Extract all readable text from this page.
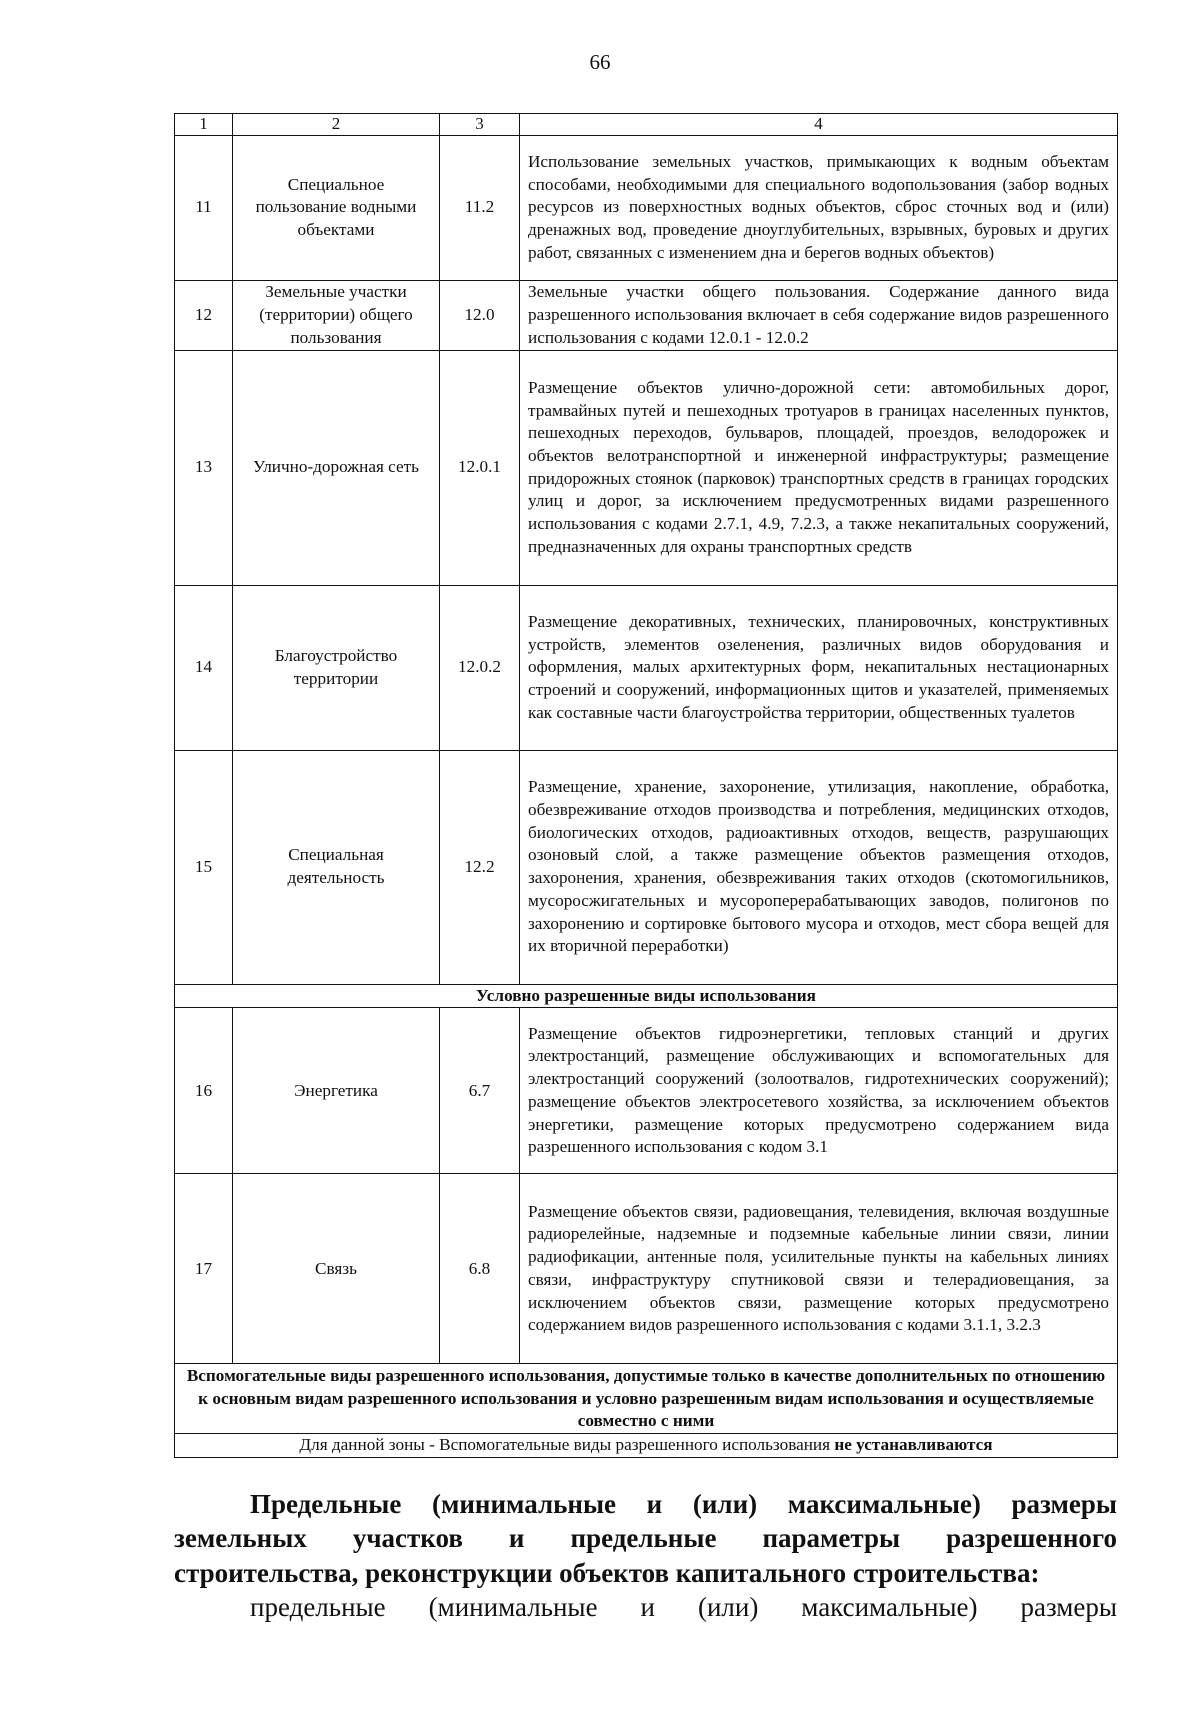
66
1	2	3	4
11	Специальное пользование водными объектами	11.2	Использование земельных участков, примыкающих к водным объектам способами, необходимыми для специального водопользования (забор водных ресурсов из поверхностных водных объектов, сброс сточных вод и (или) дренажных вод, проведение дноуглубительных, взрывных, буровых и других работ, связанных с изменением дна и берегов водных объектов)
12	Земельные участки (территории) общего пользования	12.0	Земельные участки общего пользования. Содержание данного вида разрешенного использования включает в себя содержание видов разрешенного использования с кодами 12.0.1 - 12.0.2
13	Улично-дорожная сеть	12.0.1	Размещение объектов улично-дорожной сети: автомобильных дорог, трамвайных путей и пешеходных тротуаров в границах населенных пунктов, пешеходных переходов, бульваров, площадей, проездов, велодорожек и объектов велотранспортной и инженерной инфраструктуры; размещение придорожных стоянок (парковок) транспортных средств в границах городских улиц и дорог, за исключением предусмотренных видами разрешенного использования с кодами 2.7.1, 4.9, 7.2.3, а также некапитальных сооружений, предназначенных для охраны транспортных средств
14	Благоустройство территории	12.0.2	Размещение декоративных, технических, планировочных, конструктивных устройств, элементов озеленения, различных видов оборудования и оформления, малых архитектурных форм, некапитальных нестационарных строений и сооружений, информационных щитов и указателей, применяемых как составные части благоустройства территории, общественных туалетов
15	Специальная деятельность	12.2	Размещение, хранение, захоронение, утилизация, накопление, обработка, обезвреживание отходов производства и потребления, медицинских отходов, биологических отходов, радиоактивных отходов, веществ, разрушающих озоновый слой, а также размещение объектов размещения отходов, захоронения, хранения, обезвреживания таких отходов (скотомогильников, мусоросжигательных и мусороперерабатывающих заводов, полигонов по захоронению и сортировке бытового мусора и отходов, мест сбора вещей для их вторичной переработки)
Условно разрешенные виды использования			
16	Энергетика	6.7	Размещение объектов гидроэнергетики, тепловых станций и других электростанций, размещение обслуживающих и вспомогательных для электростанций сооружений (золоотвалов, гидротехнических сооружений); размещение объектов электросетевого хозяйства, за исключением объектов энергетики, размещение которых предусмотрено содержанием вида разрешенного использования с кодом 3.1
17	Связь	6.8	Размещение объектов связи, радиовещания, телевидения, включая воздушные радиорелейные, надземные и подземные кабельные линии связи, линии радиофикации, антенные поля, усилительные пункты на кабельных линиях связи, инфраструктуру спутниковой связи и телерадиовещания, за исключением объектов связи, размещение которых предусмотрено содержанием видов разрешенного использования с кодами 3.1.1, 3.2.3
Вспомогательные виды разрешенного использования, допустимые только в качестве дополнительных по отношению к основным видам разрешенного использования и условно разрешенным видам использования и осуществляемые совместно с ними			
Для данной зоны - Вспомогательные виды разрешенного использования не устанавливаются			
Предельные (минимальные и (или) максимальные) размеры земельных участков и предельные параметры разрешенного
строительства, реконструкции объектов капитального строительства:
предельные (минимальные и (или) максимальные) размеры
